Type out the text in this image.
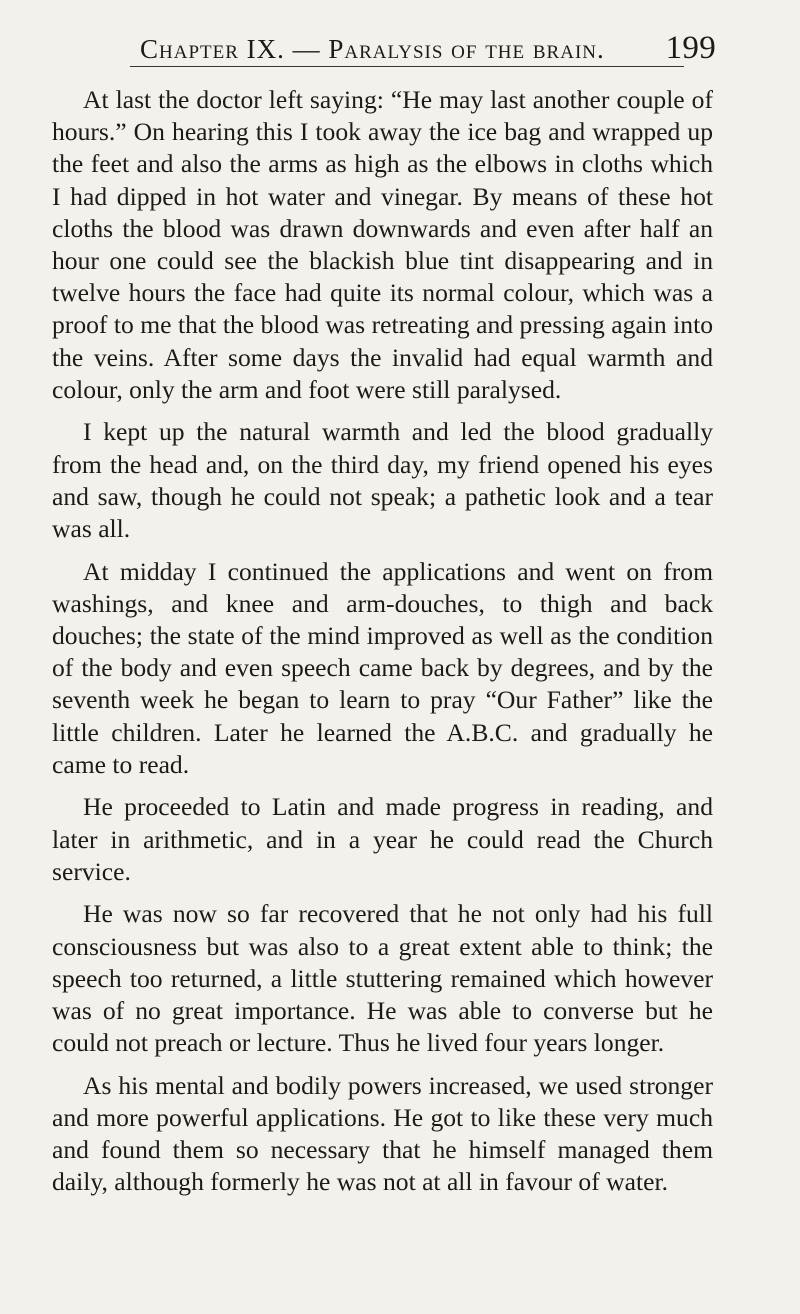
Chapter IX. — Paralysis of the brain. 199

At last the doctor left saying: “He may last another couple of hours.” On hearing this I took away the ice bag and wrapped up the feet and also the arms as high as the elbows in cloths which I had dipped in hot water and vinegar. By means of these hot cloths the blood was drawn downwards and even after half an hour one could see the blackish blue tint disappearing and in twelve hours the face had quite its normal colour, which was a proof to me that the blood was retreating and pressing again into the veins. After some days the invalid had equal warmth and colour, only the arm and foot were still paralysed.

I kept up the natural warmth and led the blood gradually from the head and, on the third day, my friend opened his eyes and saw, though he could not speak; a pathetic look and a tear was all.

At midday I continued the applications and went on from washings, and knee and arm-douches, to thigh and back douches; the state of the mind improved as well as the condition of the body and even speech came back by degrees, and by the seventh week he began to learn to pray “Our Father” like the little children. Later he learned the A.B.C. and gradually he came to read.

He proceeded to Latin and made progress in reading, and later in arithmetic, and in a year he could read the Church service.

He was now so far recovered that he not only had his full consciousness but was also to a great extent able to think; the speech too returned, a little stuttering remained which however was of no great importance. He was able to converse but he could not preach or lecture. Thus he lived four years longer.

As his mental and bodily powers increased, we used stronger and more powerful applications. He got to like these very much and found them so necessary that he himself managed them daily, although formerly he was not at all in favour of water.
